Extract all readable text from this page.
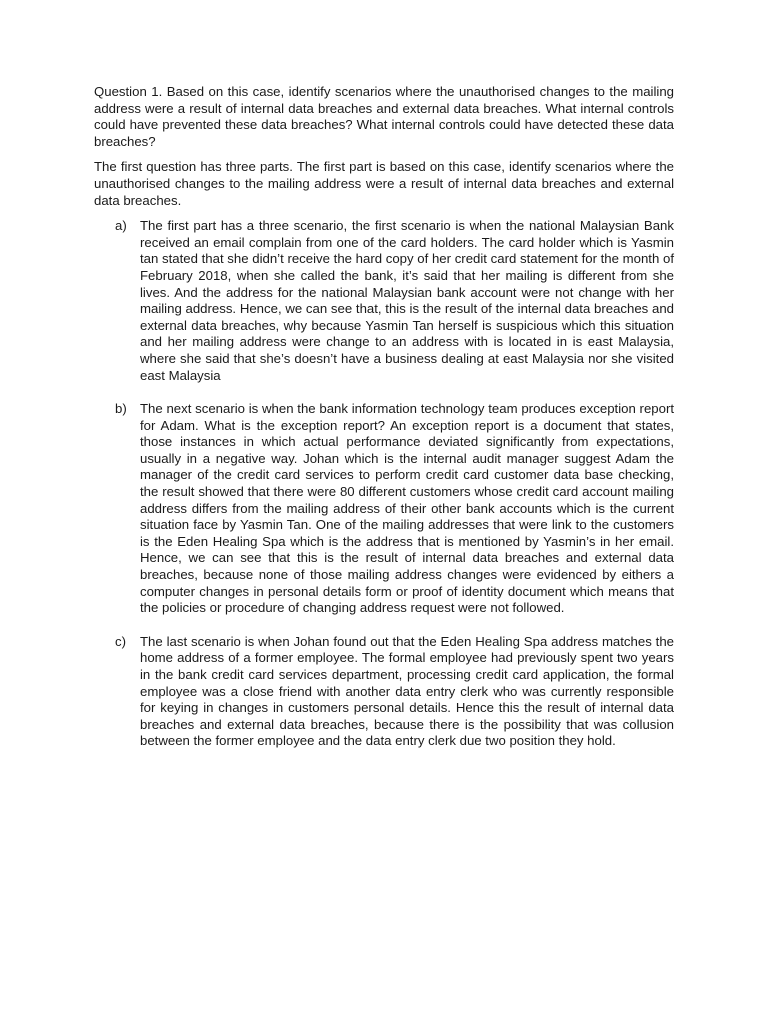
Question 1. Based on this case, identify scenarios where the unauthorised changes to the mailing address were a result of internal data breaches and external data breaches. What internal controls could have prevented these data breaches? What internal controls could have detected these data breaches?

The first question has three parts. The first part is based on this case, identify scenarios where the unauthorised changes to the mailing address were a result of internal data breaches and external data breaches.

a) The first part has a three scenario, the first scenario is when the national Malaysian Bank received an email complain from one of the card holders. The card holder which is Yasmin tan stated that she didn’t receive the hard copy of her credit card statement for the month of February 2018, when she called the bank, it’s said that her mailing is different from she lives. And the address for the national Malaysian bank account were not change with her mailing address. Hence, we can see that, this is the result of the internal data breaches and external data breaches, why because Yasmin Tan herself is suspicious which this situation and her mailing address were change to an address with is located in is east Malaysia, where she said that she’s doesn’t have a business dealing at east Malaysia nor she visited east Malaysia
b) The next scenario is when the bank information technology team produces exception report for Adam. What is the exception report? An exception report is a document that states, those instances in which actual performance deviated significantly from expectations, usually in a negative way. Johan which is the internal audit manager suggest Adam the manager of the credit card services to perform credit card customer data base checking, the result showed that there were 80 different customers whose credit card account mailing address differs from the mailing address of their other bank accounts which is the current situation face by Yasmin Tan. One of the mailing addresses that were link to the customers is the Eden Healing Spa which is the address that is mentioned by Yasmin’s in her email. Hence, we can see that this is the result of internal data breaches and external data breaches, because none of those mailing address changes were evidenced by eithers a computer changes in personal details form or proof of identity document which means that the policies or procedure of changing address request were not followed.
c) The last scenario is when Johan found out that the Eden Healing Spa address matches the home address of a former employee. The formal employee had previously spent two years in the bank credit card services department, processing credit card application, the formal employee was a close friend with another data entry clerk who was currently responsible for keying in changes in customers personal details. Hence this the result of internal data breaches and external data breaches, because there is the possibility that was collusion between the former employee and the data entry clerk due two position they hold.
